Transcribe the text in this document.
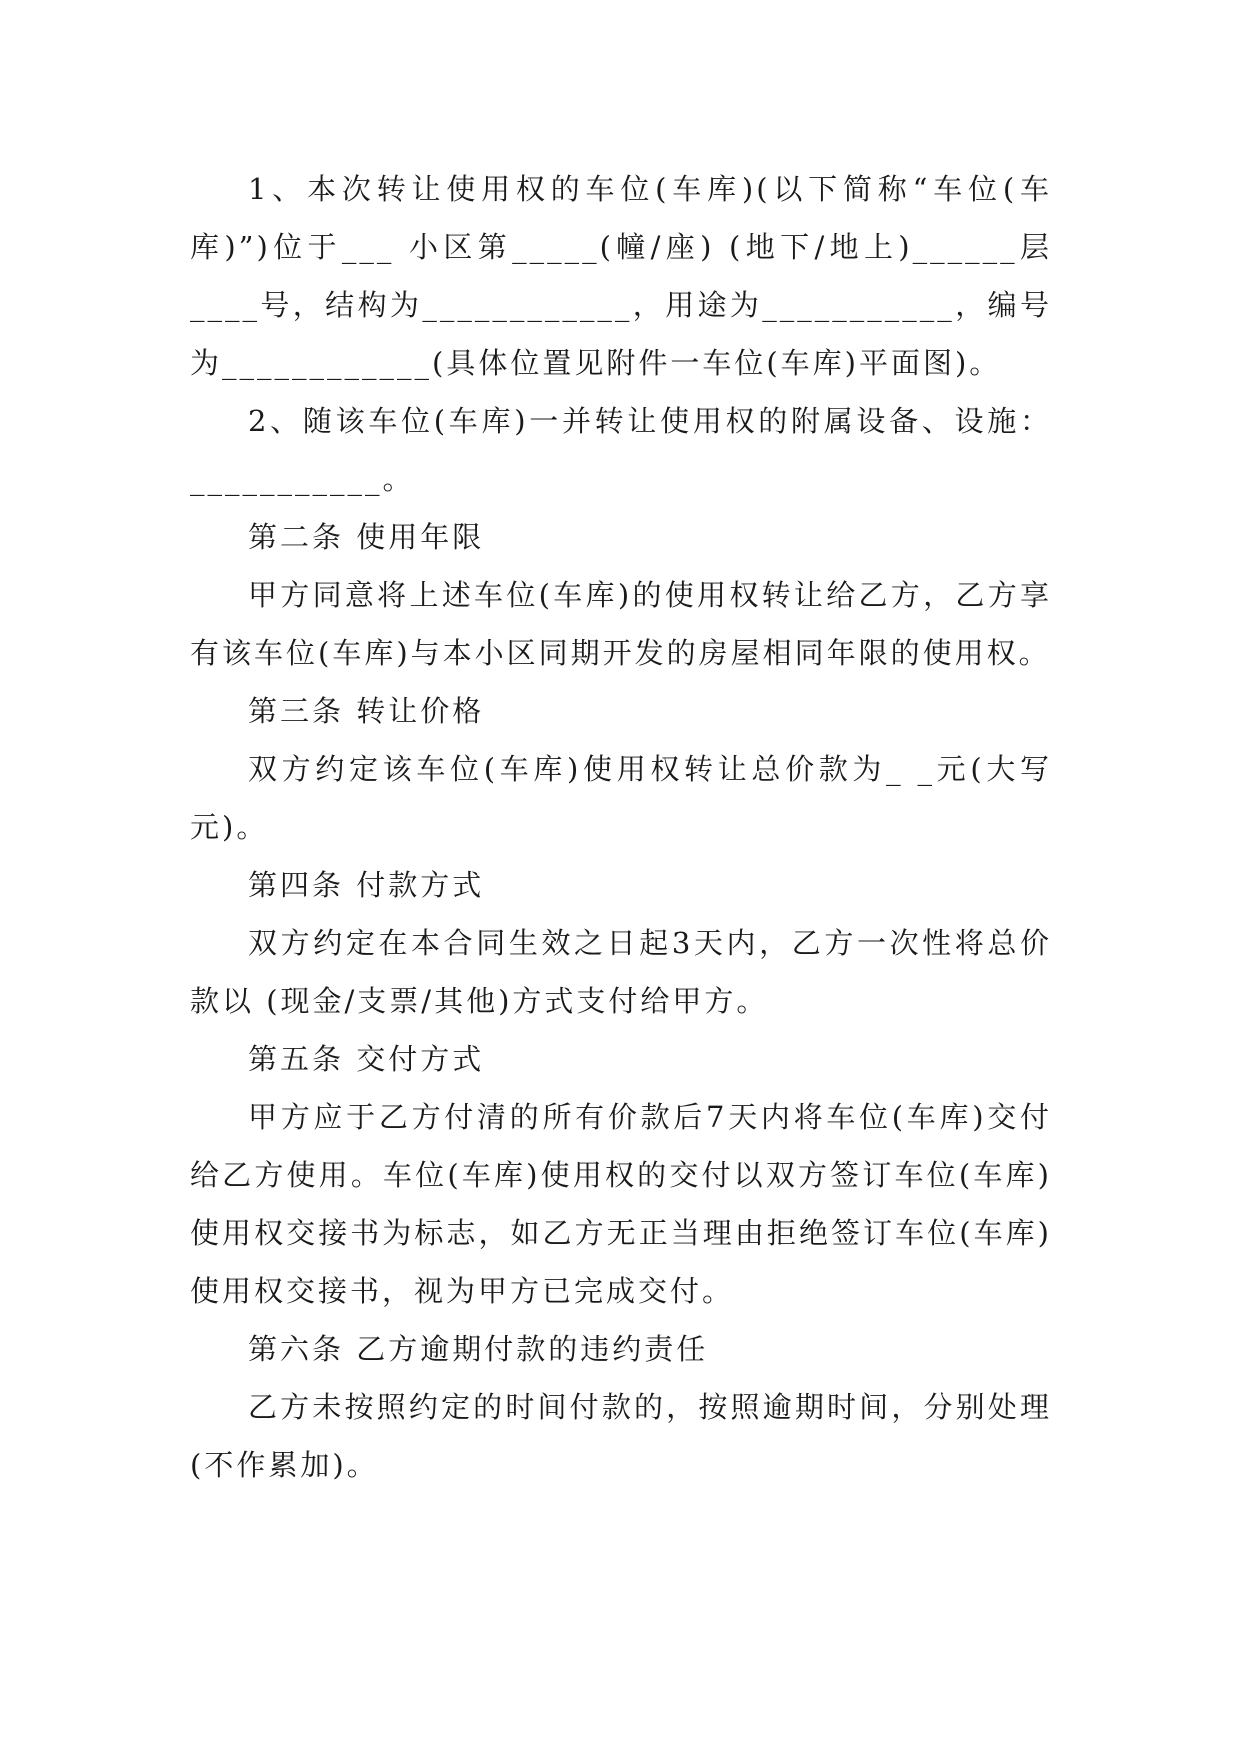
1、本次转让使用权的车位(车库)(以下简称“车位(车库)”)位于___ 小区第_____(幢/座) (地下/地上)______层____号，结构为____________，用途为___________，编号为____________(具体位置见附件一车位(车库)平面图)。

2、随该车位(车库)一并转让使用权的附属设备、设施：___________。

第二条 使用年限

甲方同意将上述车位(车库)的使用权转让给乙方，乙方享有该车位(车库)与本小区同期开发的房屋相同年限的使用权。

第三条 转让价格

双方约定该车位(车库)使用权转让总价款为_ _元(大写元)。

第四条 付款方式

双方约定在本合同生效之日起3天内，乙方一次性将总价款以 (现金/支票/其他)方式支付给甲方。

第五条 交付方式

甲方应于乙方付清的所有价款后7天内将车位(车库)交付给乙方使用。车位(车库)使用权的交付以双方签订车位(车库)使用权交接书为标志，如乙方无正当理由拒绝签订车位(车库)使用权交接书，视为甲方已完成交付。

第六条 乙方逾期付款的违约责任

乙方未按照约定的时间付款的，按照逾期时间，分别处理(不作累加)。
